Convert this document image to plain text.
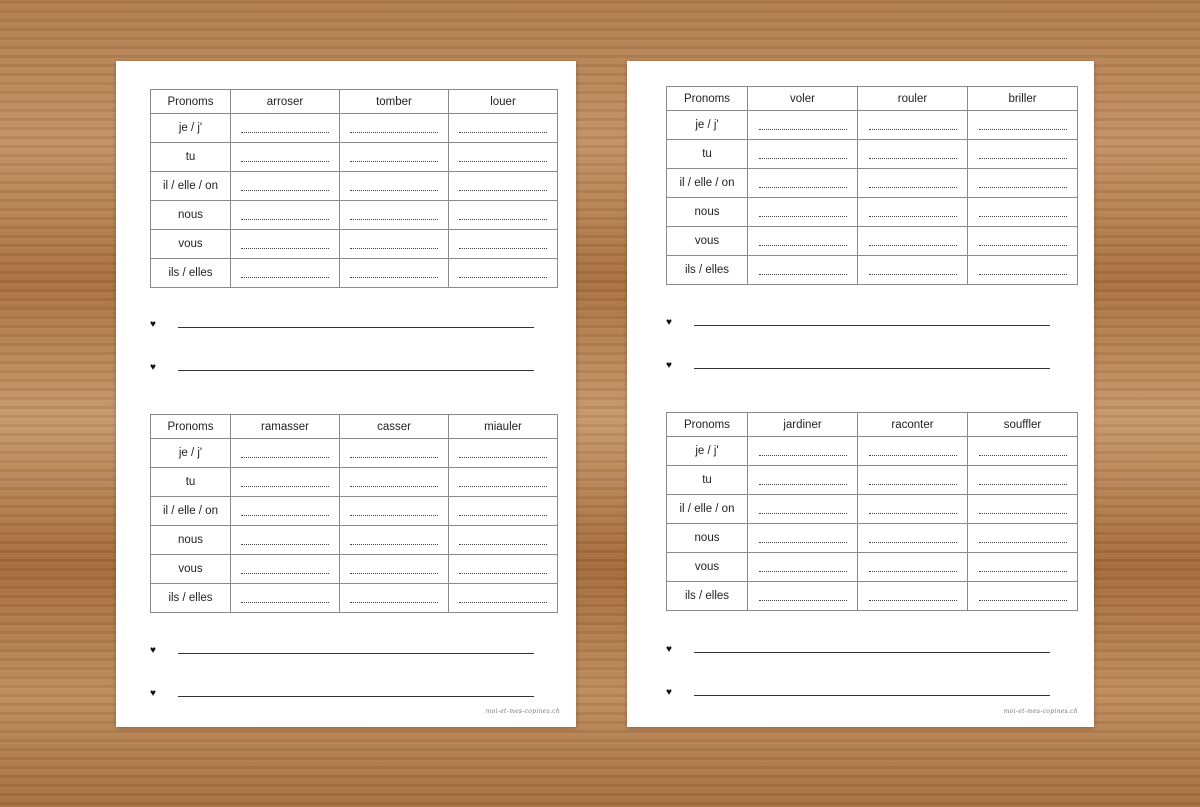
Pronoms	arroser	tomber	louer
je / j'			
tu			
il / elle / on			
nous			
vous			
ils / elles			
♥
♥
Pronoms	ramasser	casser	miauler
je / j'			
tu			
il / elle / on			
nous			
vous			
ils / elles			
♥
♥
moi-et-mes-copines.ch
Pronoms	voler	rouler	briller
je / j'			
tu			
il / elle / on			
nous			
vous			
ils / elles			
♥
♥
Pronoms	jardiner	raconter	souffler
je / j'			
tu			
il / elle / on			
nous			
vous			
ils / elles			
♥
♥
moi-et-mes-copines.ch
